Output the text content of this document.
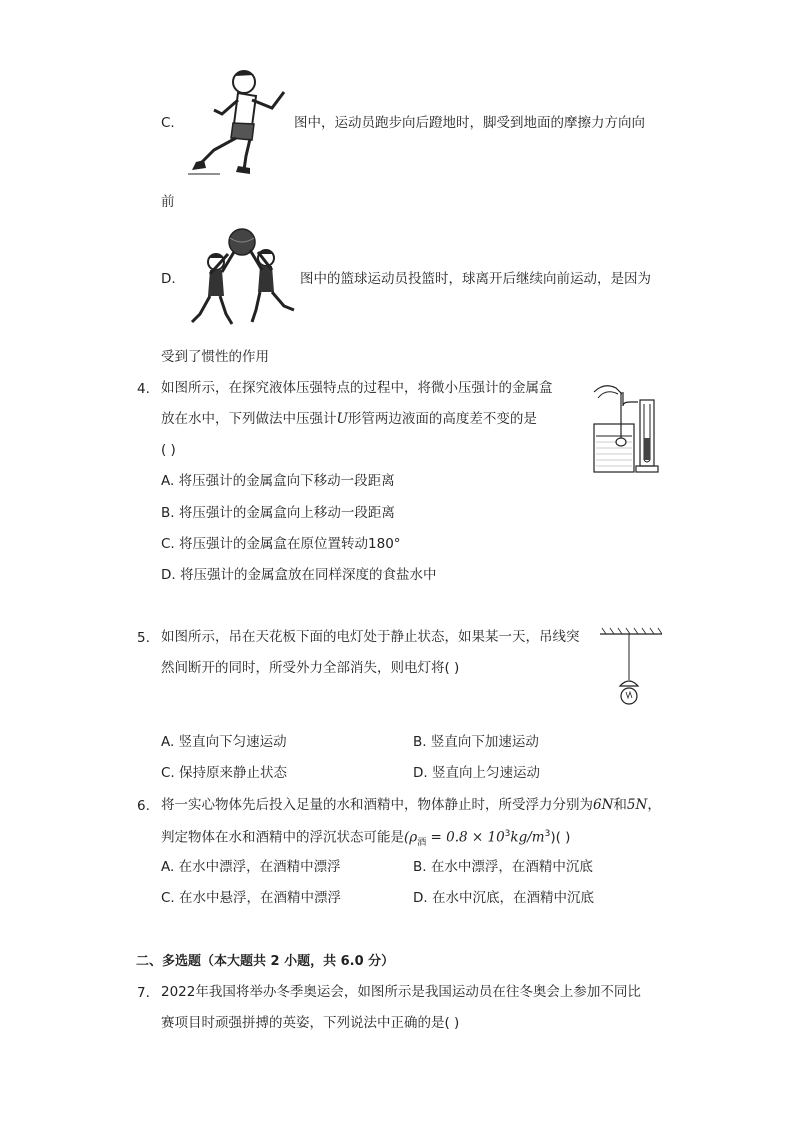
C.	图中，运动员跑步向后蹬地时，脚受到地面的摩擦力方向向
前
D.	图中的篮球运动员投篮时，球离开后继续向前运动，是因为
受到了惯性的作用
4. 如图所示，在探究液体压强特点的过程中，将微小压强计的金属盒
放在水中，下列做法中压强计U形管两边液面的高度差不变的是
( )
A. 将压强计的金属盒向下移动一段距离
B. 将压强计的金属盒向上移动一段距离
C. 将压强计的金属盒在原位置转动180°
D. 将压强计的金属盒放在同样深度的食盐水中
5. 如图所示，吊在天花板下面的电灯处于静止状态，如果某一天，吊线突
然间断开的同时，所受外力全部消失，则电灯将( )
A. 竖直向下匀速运动	B. 竖直向下加速运动
C. 保持原来静止状态	D. 竖直向上匀速运动
6. 将一实心物体先后投入足量的水和酒精中，物体静止时，所受浮力分别为6N和5N，
判定物体在水和酒精中的浮沉状态可能是$(\rho_酒 = 0.8 \times 10^3kg/m^3)$( )
A. 在水中漂浮，在酒精中漂浮	B. 在水中漂浮，在酒精中沉底
C. 在水中悬浮，在酒精中漂浮	D. 在水中沉底，在酒精中沉底
二、多选题（本大题共 2 小题，共 6.0 分）
7. 2022年我国将举办冬季奥运会，如图所示是我国运动员在往冬奥会上参加不同比
赛项目时顽强拼搏的英姿，下列说法中正确的是( )
